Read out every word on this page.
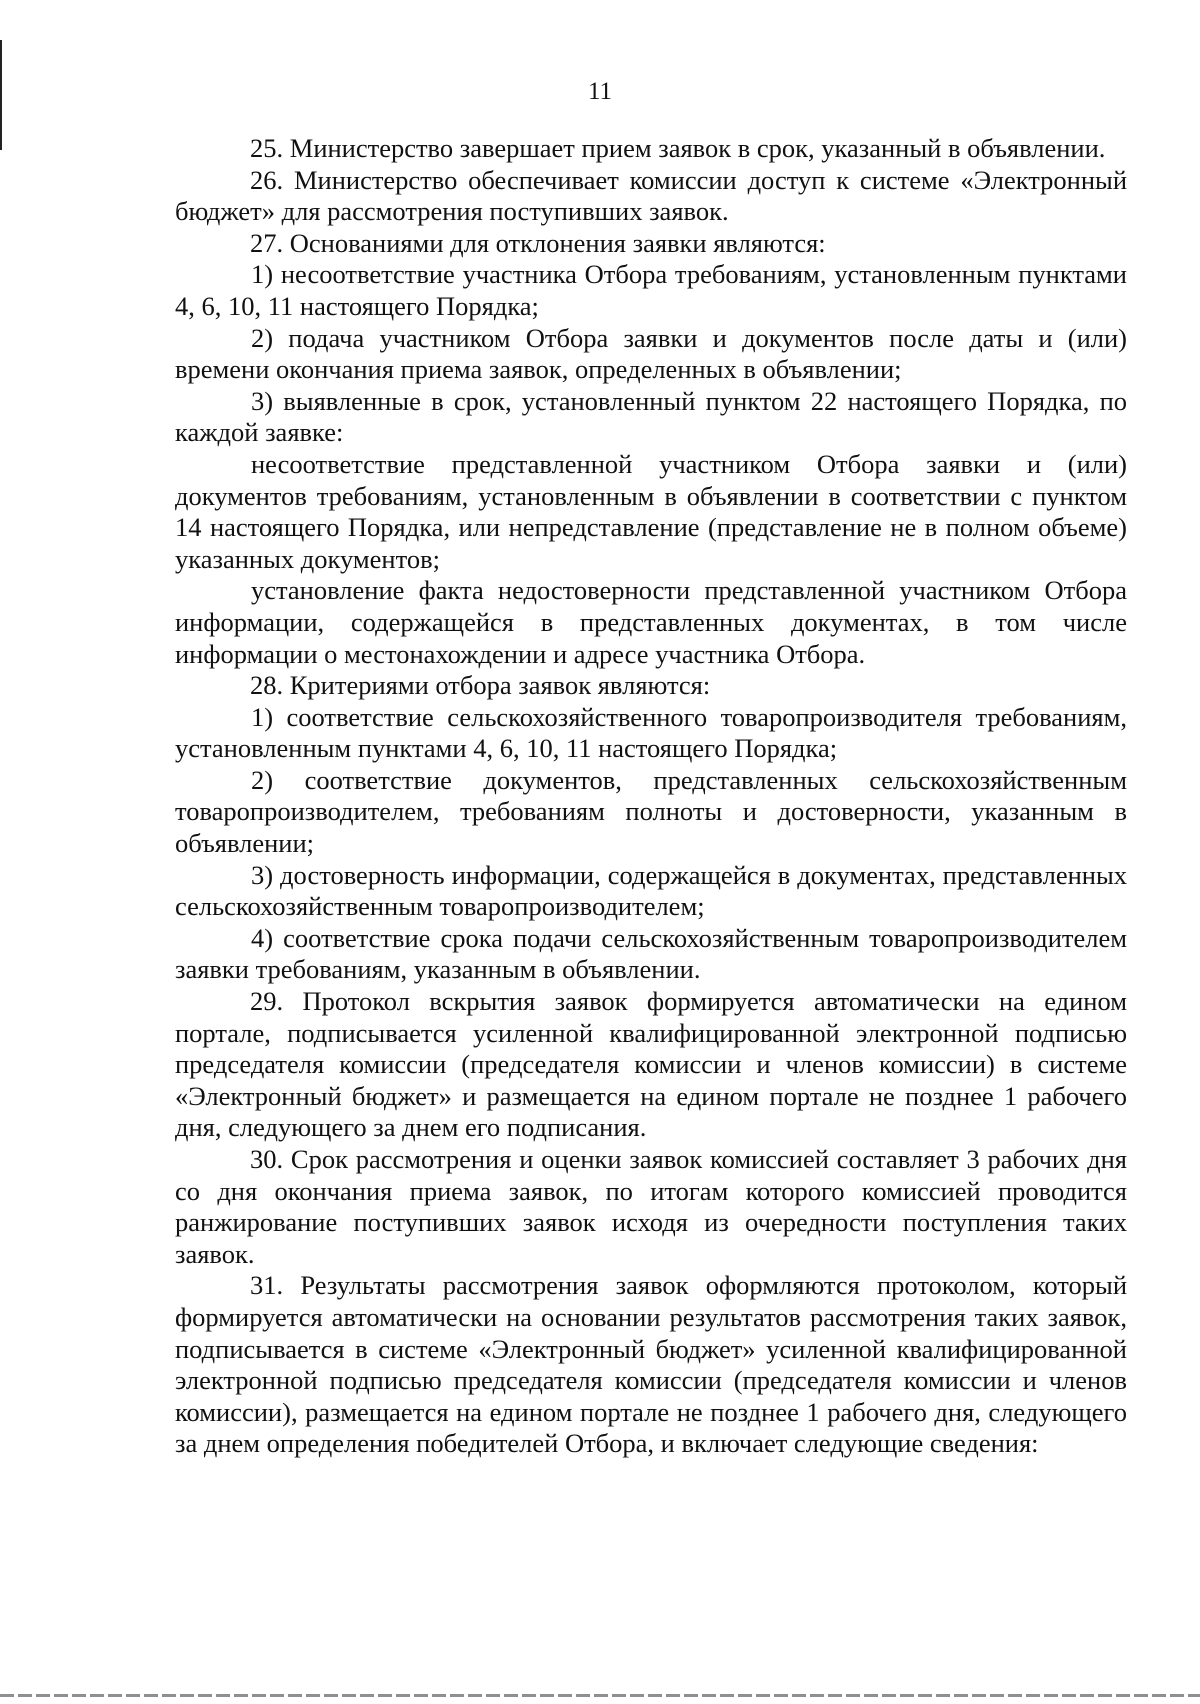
11

25. Министерство завершает прием заявок в срок, указанный в объявлении.

26. Министерство обеспечивает комиссии доступ к системе «Электронный бюджет» для рассмотрения поступивших заявок.

27. Основаниями для отклонения заявки являются:

1) несоответствие участника Отбора требованиям, установленным пунктами 4, 6, 10, 11 настоящего Порядка;

2) подача участником Отбора заявки и документов после даты и (или) времени окончания приема заявок, определенных в объявлении;

3) выявленные в срок, установленный пунктом 22 настоящего Порядка, по каждой заявке:

несоответствие представленной участником Отбора заявки и (или) документов требованиям, установленным в объявлении в соответствии с пунктом 14 настоящего Порядка, или непредставление (представление не в полном объеме) указанных документов;

установление факта недостоверности представленной участником Отбора информации, содержащейся в представленных документах, в том числе информации о местонахождении и адресе участника Отбора.

28. Критериями отбора заявок являются:

1) соответствие сельскохозяйственного товаропроизводителя требованиям, установленным пунктами 4, 6, 10, 11 настоящего Порядка;

2) соответствие документов, представленных сельскохозяйственным товаропроизводителем, требованиям полноты и достоверности, указанным в объявлении;

3) достоверность информации, содержащейся в документах, представленных сельскохозяйственным товаропроизводителем;

4) соответствие срока подачи сельскохозяйственным товаропроизводителем заявки требованиям, указанным в объявлении.

29. Протокол вскрытия заявок формируется автоматически на едином портале, подписывается усиленной квалифицированной электронной подписью председателя комиссии (председателя комиссии и членов комиссии) в системе «Электронный бюджет» и размещается на едином портале не позднее 1 рабочего дня, следующего за днем его подписания.

30. Срок рассмотрения и оценки заявок комиссией составляет 3 рабочих дня со дня окончания приема заявок, по итогам которого комиссией проводится ранжирование поступивших заявок исходя из очередности поступления таких заявок.

31. Результаты рассмотрения заявок оформляются протоколом, который формируется автоматически на основании результатов рассмотрения таких заявок, подписывается в системе «Электронный бюджет» усиленной квалифицированной электронной подписью председателя комиссии (председателя комиссии и членов комиссии), размещается на едином портале не позднее 1 рабочего дня, следующего за днем определения победителей Отбора, и включает следующие сведения:
